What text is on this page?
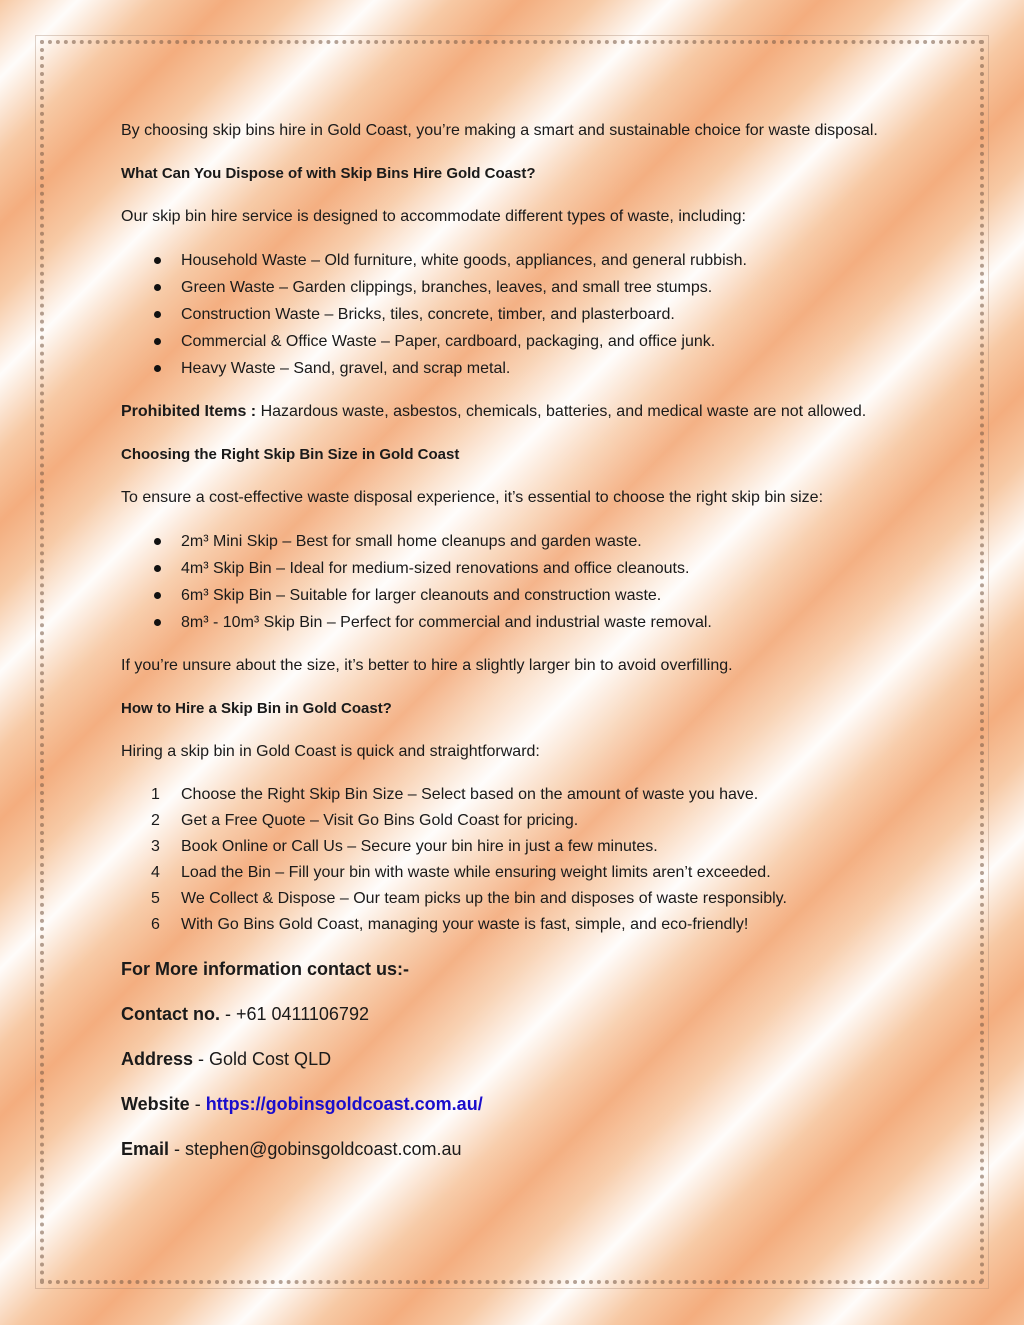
By choosing skip bins hire in Gold Coast, you’re making a smart and sustainable choice for waste disposal.

What Can You Dispose of with Skip Bins Hire Gold Coast?

Our skip bin hire service is designed to accommodate different types of waste, including:

Household Waste – Old furniture, white goods, appliances, and general rubbish.
Green Waste – Garden clippings, branches, leaves, and small tree stumps.
Construction Waste – Bricks, tiles, concrete, timber, and plasterboard.
Commercial & Office Waste – Paper, cardboard, packaging, and office junk.
Heavy Waste – Sand, gravel, and scrap metal.

Prohibited Items : Hazardous waste, asbestos, chemicals, batteries, and medical waste are not allowed.

Choosing the Right Skip Bin Size in Gold Coast

To ensure a cost-effective waste disposal experience, it’s essential to choose the right skip bin size:

2m³ Mini Skip – Best for small home cleanups and garden waste.
4m³ Skip Bin – Ideal for medium-sized renovations and office cleanouts.
6m³ Skip Bin – Suitable for larger cleanouts and construction waste.
8m³ - 10m³ Skip Bin – Perfect for commercial and industrial waste removal.

If you’re unsure about the size, it’s better to hire a slightly larger bin to avoid overfilling.

How to Hire a Skip Bin in Gold Coast?

Hiring a skip bin in Gold Coast is quick and straightforward:

1	Choose the Right Skip Bin Size – Select based on the amount of waste you have.
2	Get a Free Quote – Visit Go Bins Gold Coast for pricing.
3	Book Online or Call Us – Secure your bin hire in just a few minutes.
4	Load the Bin – Fill your bin with waste while ensuring weight limits aren’t exceeded.
5	We Collect & Dispose – Our team picks up the bin and disposes of waste responsibly.
6	With Go Bins Gold Coast, managing your waste is fast, simple, and eco-friendly!

For More information contact us:-

Contact no. - +61 0411106792

Address - Gold Cost QLD

Website - https://gobinsgoldcoast.com.au/

Email - stephen@gobinsgoldcoast.com.au
